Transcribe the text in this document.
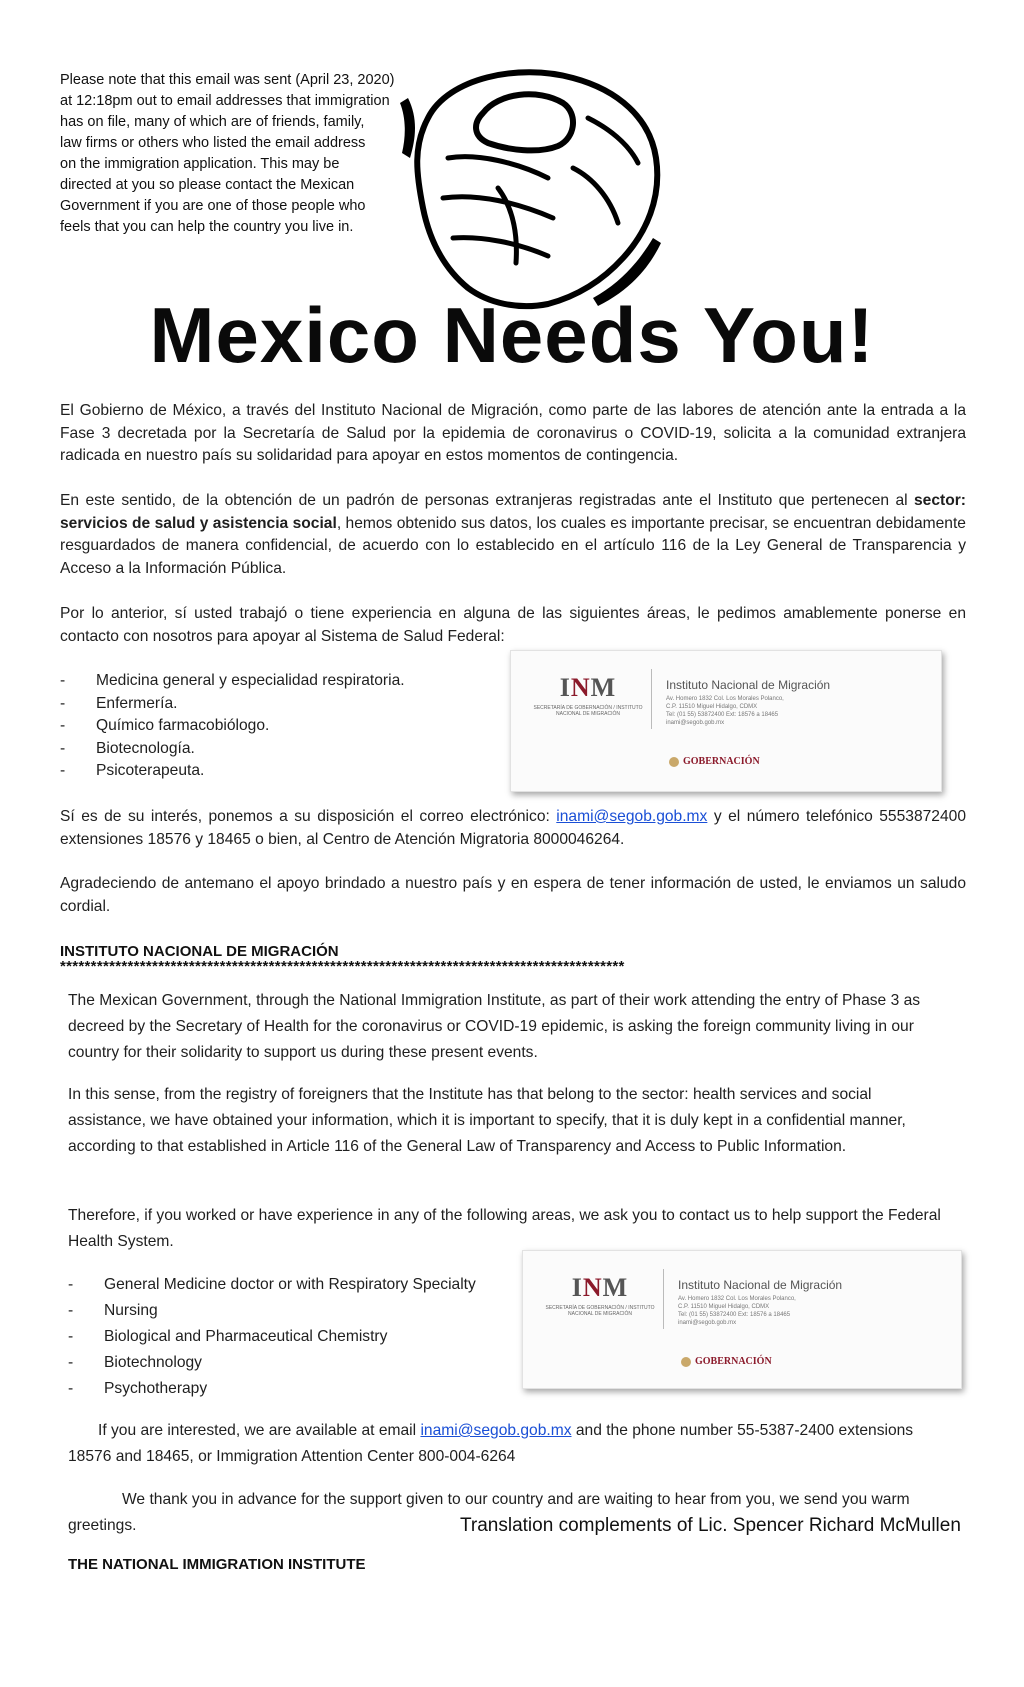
Please note that this email was sent (April 23, 2020)
at 12:18pm out to email addresses that immigration
has on file, many of which are of friends, family,
law firms or others who listed the email address
on the immigration application. This may be
directed at you so please contact the Mexican
Government if you are one of those people who
feels that you can help the country you live in.
Mexico Needs You!
El Gobierno de México, a través del Instituto Nacional de Migración, como parte de las labores de atención ante la entrada a la Fase 3 decretada por la Secretaría de Salud por la epidemia de coronavirus o COVID-19, solicita a la comunidad extranjera radicada en nuestro país su solidaridad para apoyar en estos momentos de contingencia.
En este sentido, de la obtención de un padrón de personas extranjeras registradas ante el Instituto que pertenecen al sector: servicios de salud y asistencia social, hemos obtenido sus datos, los cuales es importante precisar, se encuentran debidamente resguardados de manera confidencial, de acuerdo con lo establecido en el artículo 116 de la Ley General de Transparencia y Acceso a la Información Pública.
Por lo anterior, sí usted trabajó o tiene experiencia en alguna de las siguientes áreas, le pedimos amablemente ponerse en contacto con nosotros para apoyar al Sistema de Salud Federal:
- Medicina general y especialidad respiratoria.
- Enfermería.
- Químico farmacobiólogo.
- Biotecnología.
- Psicoterapeuta.
INM
SECRETARÍA DE GOBERNACIÓN / INSTITUTO NACIONAL DE MIGRACIÓN
Instituto Nacional de Migración
Av. Homero 1832 Col. Los Morales Polanco,
C.P. 11510 Miguel Hidalgo, CDMX
Tel: (01 55) 53872400 Ext: 18576 a 18465
inami@segob.gob.mx
GOBERNACIÓN
Sí es de su interés, ponemos a su disposición el correo electrónico: inami@segob.gob.mx y el número telefónico 5553872400 extensiones 18576 y 18465 o bien, al Centro de Atención Migratoria 8000046264.
Agradeciendo de antemano el apoyo brindado a nuestro país y en espera de tener información de usted, le enviamos un saludo cordial.
INSTITUTO NACIONAL DE MIGRACIÓN
********************************************************************************************
The Mexican Government, through the National Immigration Institute, as part of their work attending the entry of Phase 3 as decreed by the Secretary of Health for the coronavirus or COVID-19 epidemic, is asking the foreign community living in our country for their solidarity to support us during these present events.
In this sense, from the registry of foreigners that the Institute has that belong to the sector: health services and social assistance, we have obtained your information, which it is important to specify, that it is duly kept in a confidential manner, according to that established in Article 116 of the General Law of Transparency and Access to Public Information.
Therefore, if you worked or have experience in any of the following areas, we ask you to contact us to help support the Federal Health System.
- General Medicine doctor or with Respiratory Specialty
- Nursing
- Biological and Pharmaceutical Chemistry
- Biotechnology
- Psychotherapy
INM
SECRETARÍA DE GOBERNACIÓN / INSTITUTO NACIONAL DE MIGRACIÓN
Instituto Nacional de Migración
Av. Homero 1832 Col. Los Morales Polanco,
C.P. 11510 Miguel Hidalgo, CDMX
Tel: (01 55) 53872400 Ext: 18576 a 18465
inami@segob.gob.mx
GOBERNACIÓN
If you are interested, we are available at email inami@segob.gob.mx and the phone number 55-5387-2400 extensions 18576 and 18465, or Immigration Attention Center 800-004-6264
We thank you in advance for the support given to our country and are waiting to hear from you, we send you warm greetings.	Translation complements of Lic. Spencer Richard McMullen
THE NATIONAL IMMIGRATION INSTITUTE
